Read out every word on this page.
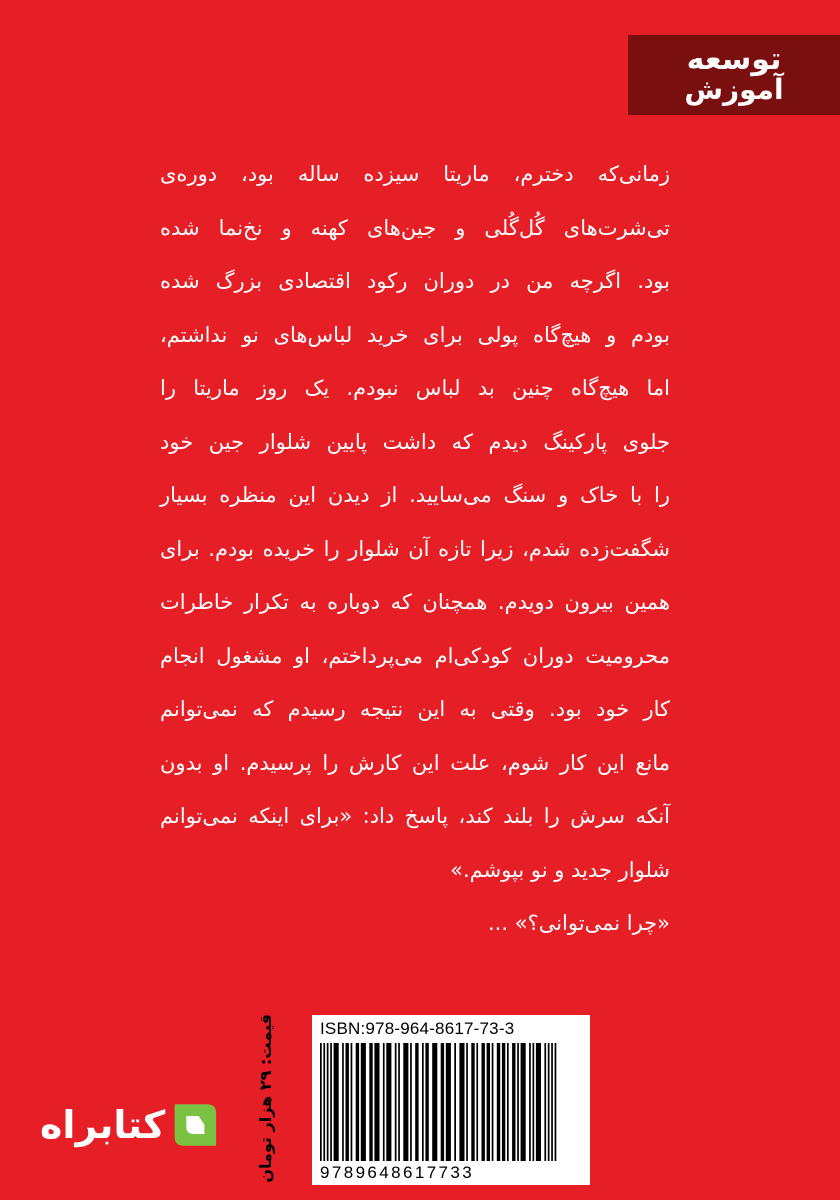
توسعه
آموزش
زمانی‌که دخترم، ماریتا سیزده ساله بود، دوره‌ی
تی‌شرت‌های گُل‌گُلی و جین‌های کهنه و نخ‌نما شده
بود. اگرچه من در دوران رکود اقتصادی بزرگ شده
بودم و هیچ‌گاه پولی برای خرید لباس‌های نو نداشتم،
اما هیچ‌گاه چنین بد لباس نبودم. یک روز ماریتا را
جلوی پارکینگ دیدم که داشت پایین شلوار جین خود
را با خاک و سنگ می‌سایید. از دیدن این منظره بسیار
شگفت‌زده شدم، زیرا تازه آن شلوار را خریده بودم. برای
همین بیرون دویدم. همچنان که دوباره به تکرار خاطرات
محرومیت دوران کودکی‌ام می‌پرداختم، او مشغول انجام
کار خود بود. وقتی به این نتیجه رسیدم که نمی‌توانم
مانع این کار شوم، علت این کارش را پرسیدم. او بدون
آنکه سرش را بلند کند، پاسخ داد: «برای اینکه نمی‌توانم
شلوار جدید و نو بپوشم.»
«چرا نمی‌توانی؟» ...
ISBN:978-964-8617-73-3
9789648617733
قیمت: ۲۹ هزار تومان
کتابراه
